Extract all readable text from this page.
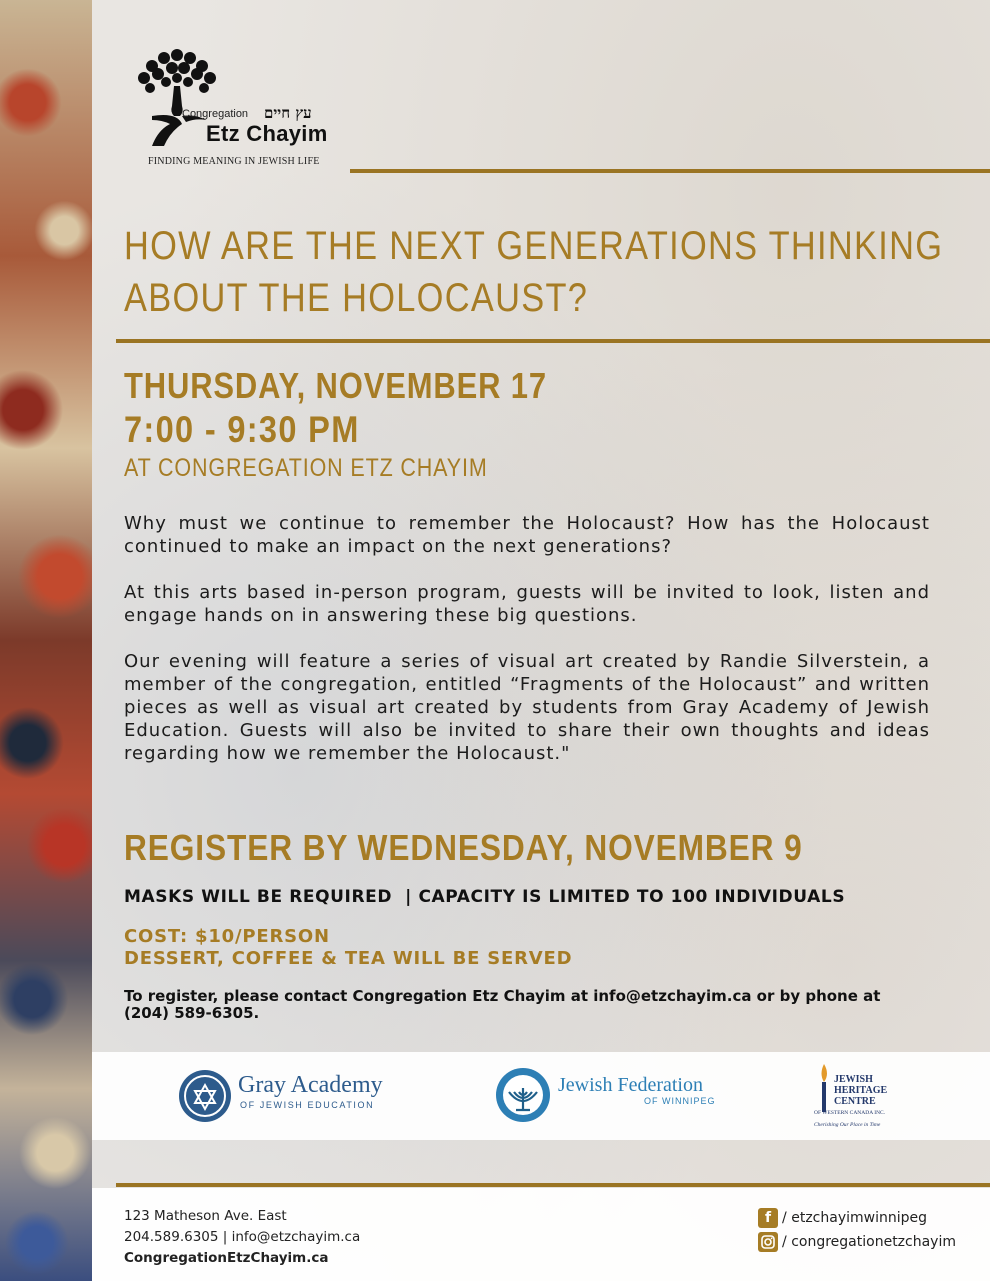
Congregation עץ חיים
Etz Chayim
FINDING MEANING IN JEWISH LIFE
HOW ARE THE NEXT GENERATIONS THINKING ABOUT THE HOLOCAUST?
THURSDAY, NOVEMBER 17
7:00 - 9:30 PM
AT CONGREGATION ETZ CHAYIM

Why must we continue to remember the Holocaust? How has the Holocaust continued to make an impact on the next generations?

At this arts based in-person program, guests will be invited to look, listen and engage hands on in answering these big questions.

Our evening will feature a series of visual art created by Randie Silverstein, a member of the congregation, entitled “Fragments of the Holocaust” and written pieces as well as visual art created by students from Gray Academy of Jewish Education. Guests will also be invited to share their own thoughts and ideas regarding how we remember the Holocaust."

REGISTER BY WEDNESDAY, NOVEMBER 9
MASKS WILL BE REQUIRED  | CAPACITY IS LIMITED TO 100 INDIVIDUALS
COST: $10/PERSON
DESSERT, COFFEE & TEA WILL BE SERVED
To register, please contact Congregation Etz Chayim at info@etzchayim.ca or by phone at (204) 589-6305.
Gray Academy
OF JEWISH EDUCATION
Jewish Federation
OF WINNIPEG
JEWISH HERITAGE CENTRE
OF WESTERN CANADA INC.
Cherishing Our Place in Time
123 Matheson Ave. East
204.589.6305 | info@etzchayim.ca
CongregationEtzChayim.ca
f / etzchayimwinnipeg
/ congregationetzchayim
